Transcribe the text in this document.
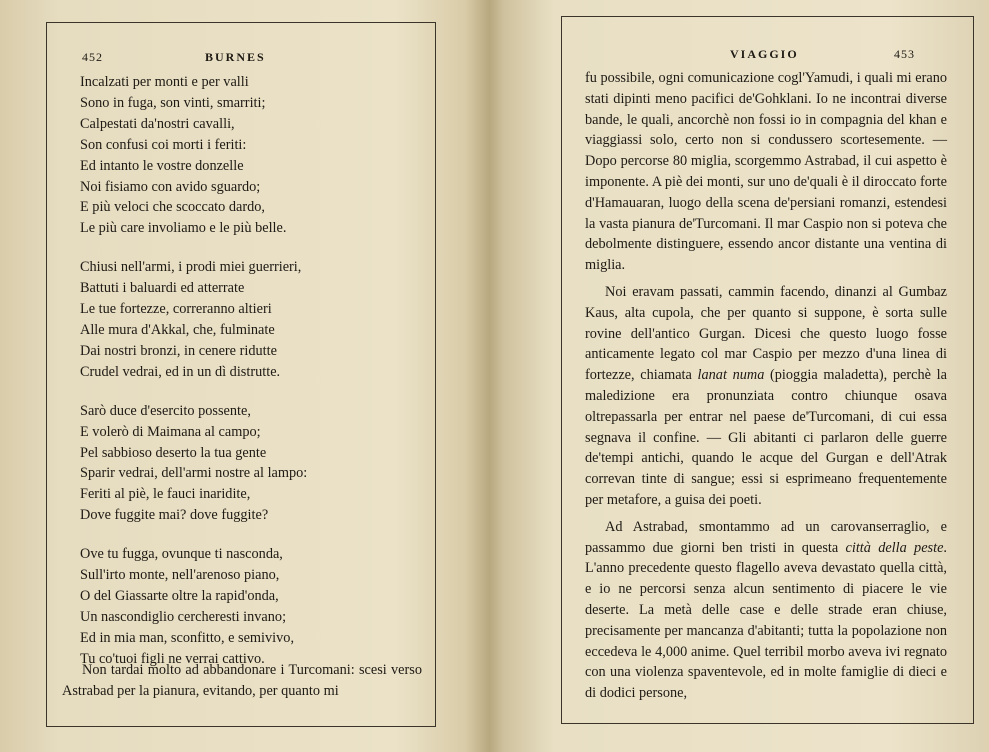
452	BURNES
Incalzati per monti e per valli
Sono in fuga, son vinti, smarriti;
Calpestati da'nostri cavalli,
Son confusi coi morti i feriti:
Ed intanto le vostre donzelle
Noi fisiamo con avido sguardo;
E più veloci che scoccato dardo,
Le più care involiamo e le più belle.
Chiusi nell'armi, i prodi miei guerrieri,
Battuti i baluardi ed atterrate
Le tue fortezze, correranno altieri
Alle mura d'Akkal, che, fulminate
Dai nostri bronzi, in cenere ridutte
Crudel vedrai, ed in un dì distrutte.
Sarò duce d'esercito possente,
E volerò di Maimana al campo;
Pel sabbioso deserto la tua gente
Sparir vedrai, dell'armi nostre al lampo:
Feriti al piè, le fauci inaridite,
Dove fuggite mai? dove fuggite?
Ove tu fugga, ovunque ti nasconda,
Sull'irto monte, nell'arenoso piano,
O del Giassarte oltre la rapid'onda,
Un nascondiglio cercheresti invano;
Ed in mia man, sconfitto, e semivivo,
Tu co'tuoi figli ne verrai cattivo.

Non tardai molto ad abbandonare i Turcomani: scesi verso Astrabad per la pianura, evitando, per quanto mi

VIAGGIO	453

fu possibile, ogni comunicazione cogl'Yamudi, i quali mi erano stati dipinti meno pacifici de'Gohklani. Io ne incontrai diverse bande, le quali, ancorchè non fossi io in compagnia del khan e viaggiassi solo, certo non si condussero scortesemente. — Dopo percorse 80 miglia, scorgemmo Astrabad, il cui aspetto è imponente. A piè dei monti, sur uno de'quali è il diroccato forte d'Hamauaran, luogo della scena de'persiani romanzi, estendesi la vasta pianura de'Turcomani. Il mar Caspio non si poteva che debolmente distinguere, essendo ancor distante una ventina di miglia.

Noi eravam passati, cammin facendo, dinanzi al Gumbaz Kaus, alta cupola, che per quanto si suppone, è sorta sulle rovine dell'antico Gurgan. Dicesi che questo luogo fosse anticamente legato col mar Caspio per mezzo d'una linea di fortezze, chiamata lanat numa (pioggia maladetta), perchè la maledizione era pronunziata contro chiunque osava oltrepassarla per entrar nel paese de'Turcomani, di cui essa segnava il confine. — Gli abitanti ci parlaron delle guerre de'tempi antichi, quando le acque del Gurgan e dell'Atrak correvan tinte di sangue; essi si esprimeano frequentemente per metafore, a guisa dei poeti.

Ad Astrabad, smontammo ad un carovanserraglio, e passammo due giorni ben tristi in questa città della peste. L'anno precedente questo flagello aveva devastato quella città, e io ne percorsi senza alcun sentimento di piacere le vie deserte. La metà delle case e delle strade eran chiuse, precisamente per mancanza d'abitanti; tutta la popolazione non eccedeva le 4,000 anime. Quel terribil morbo aveva ivi regnato con una violenza spaventevole, ed in molte famiglie di dieci e di dodici persone,
